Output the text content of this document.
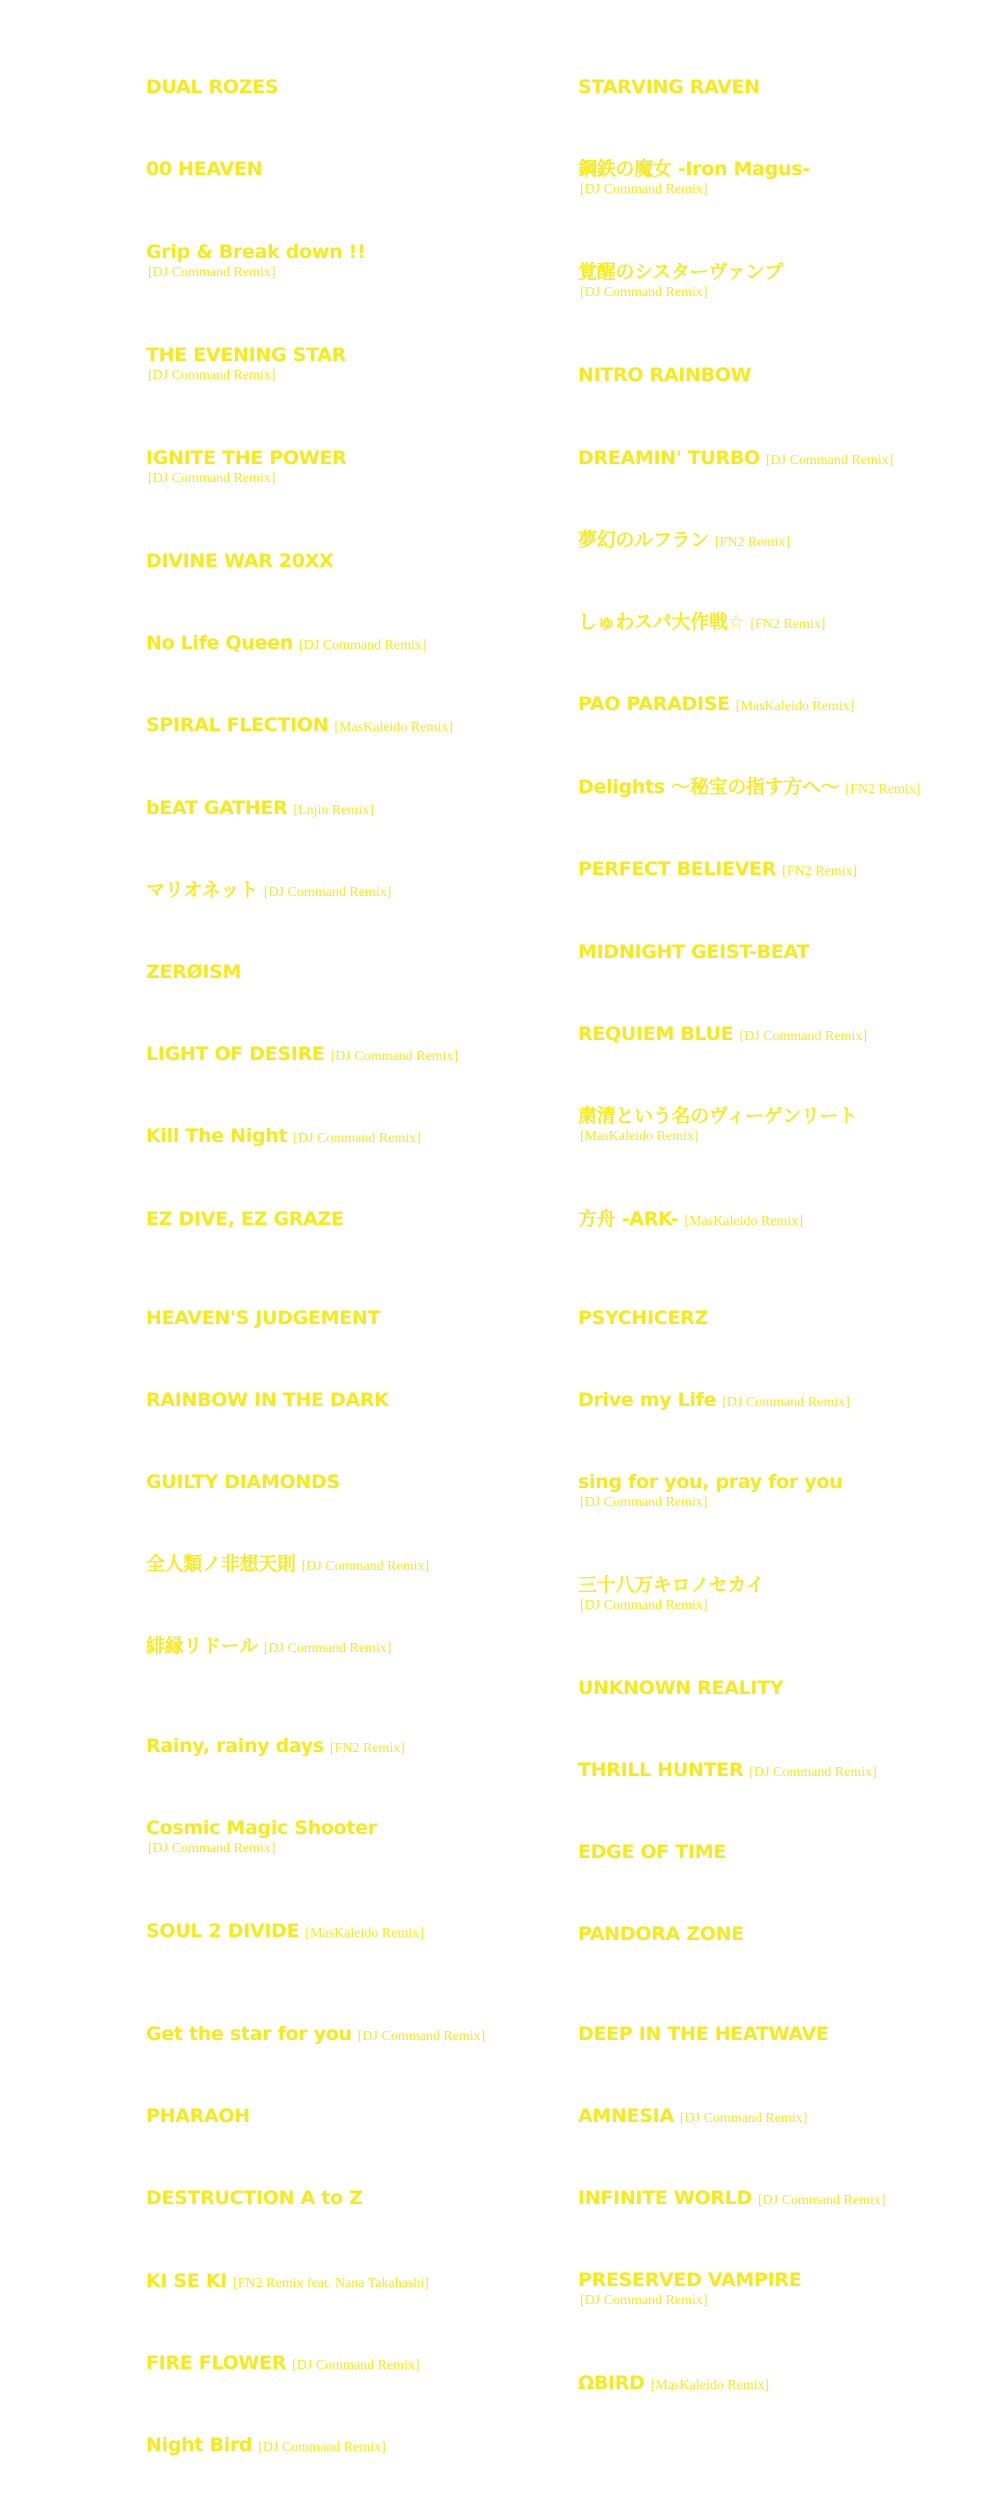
DUAL ROZES
00 HEAVEN
Grip & Break down !!
[DJ Command Remix]
THE EVENING STAR
[DJ Command Remix]
IGNITE THE POWER
[DJ Command Remix]
DIVINE WAR 20XX
No Life Queen [DJ Command Remix]
SPIRAL FLECTION [MasKaleido Remix]
bEAT GATHER [Lnjin Remix]
マリオネット [DJ Command Remix]
ZERØISM
LIGHT OF DESIRE [DJ Command Remix]
Kill The Night [DJ Command Remix]
EZ DIVE, EZ GRAZE
HEAVEN'S JUDGEMENT
RAINBOW IN THE DARK
GUILTY DIAMONDS
全人類ノ非想天則 [DJ Command Remix]
緋縁リドール [DJ Command Remix]
Rainy, rainy days [FN2 Remix]
Cosmic Magic Shooter
[DJ Command Remix]
SOUL 2 DIVIDE [MasKaleido Remix]
Get the star for you [DJ Command Remix]
PHARAOH
DESTRUCTION A to Z
KI SE KI [FN2 Remix feat. Nana Takahashi]
FIRE FLOWER [DJ Command Remix]
Night Bird [DJ Command Remix]
STARVING RAVEN
鋼鉄の魔女 -Iron Magus-
[DJ Command Remix]
覚醒のシスターヴァンプ
[DJ Command Remix]
NITRO RAINBOW
DREAMIN' TURBO [DJ Command Remix]
夢幻のルフラン [FN2 Remix]
しゅわスパ大作戦☆ [FN2 Remix]
PAO PARADISE [MasKaleido Remix]
Delights ～秘宝の指す方へ～ [FN2 Remix]
PERFECT BELIEVER [FN2 Remix]
MIDNIGHT GEIST-BEAT
REQUIEM BLUE [DJ Command Remix]
粛清という名のヴィーゲンリート
[MasKaleido Remix]
方舟 -ARK- [MasKaleido Remix]
PSYCHICERZ
Drive my Life [DJ Command Remix]
sing for you, pray for you
[DJ Command Remix]
三十八万キロノセカイ
[DJ Command Remix]
UNKNOWN REALITY
THRILL HUNTER [DJ Command Remix]
EDGE OF TIME
PANDORA ZONE
DEEP IN THE HEATWAVE
AMNESIA [DJ Command Remix]
INFINITE WORLD [DJ Command Remix]
PRESERVED VAMPIRE
[DJ Command Remix]
ΩBIRD [MasKaleido Remix]
